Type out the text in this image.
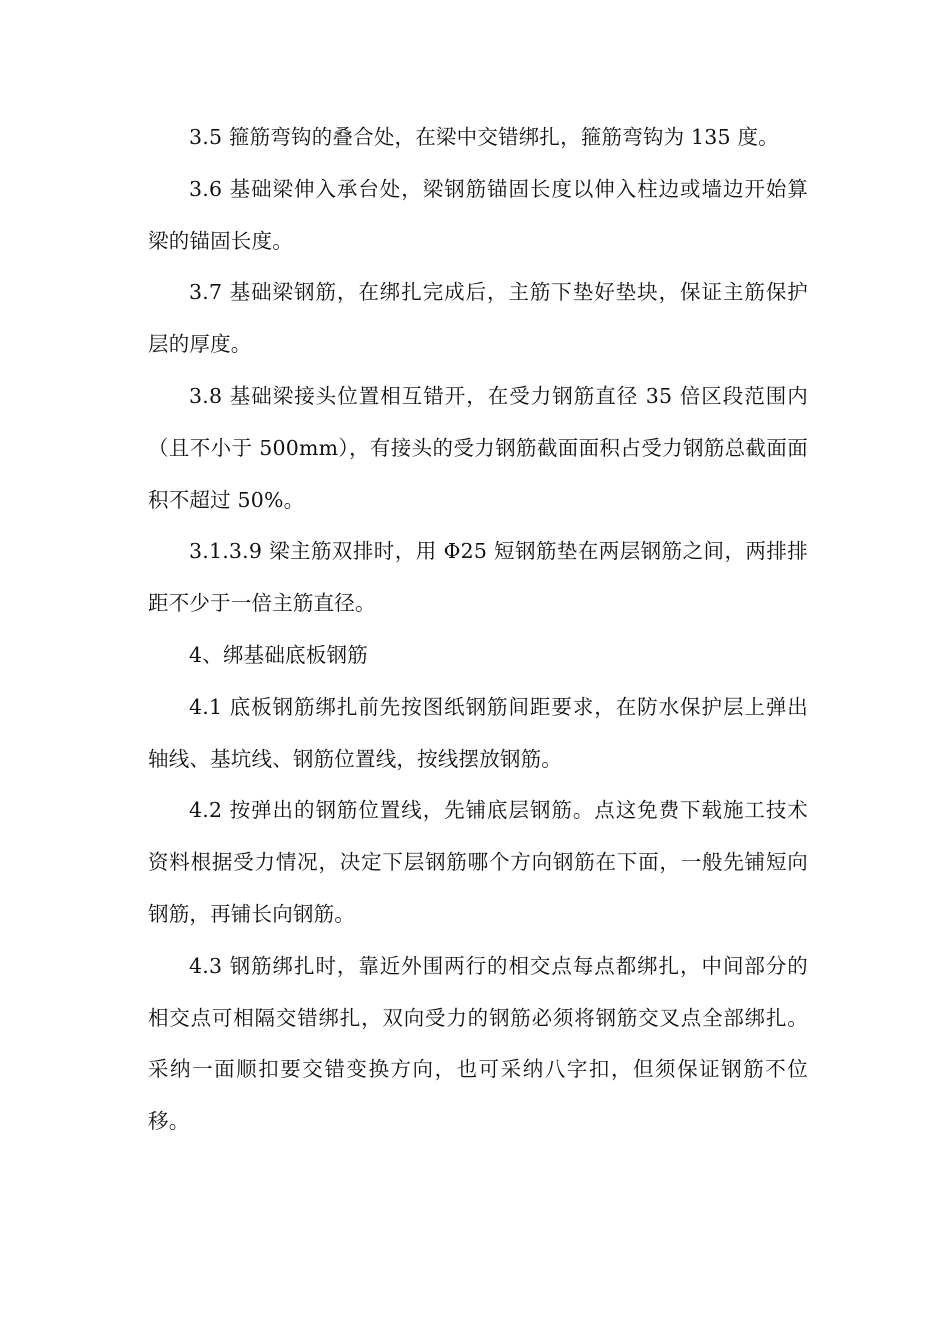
3.5 箍筋弯钩的叠合处，在梁中交错绑扎，箍筋弯钩为 135 度。

3.6 基础梁伸入承台处，梁钢筋锚固长度以伸入柱边或墙边开始算梁的锚固长度。

3.7 基础梁钢筋，在绑扎完成后，主筋下垫好垫块，保证主筋保护层的厚度。

3.8 基础梁接头位置相互错开，在受力钢筋直径 35 倍区段范围内（且不小于 500mm），有接头的受力钢筋截面面积占受力钢筋总截面面积不超过 50%。

3.1.3.9 梁主筋双排时，用 Φ25 短钢筋垫在两层钢筋之间，两排排距不少于一倍主筋直径。

4、绑基础底板钢筋

4.1 底板钢筋绑扎前先按图纸钢筋间距要求，在防水保护层上弹出轴线、基坑线、钢筋位置线，按线摆放钢筋。

4.2 按弹出的钢筋位置线，先铺底层钢筋。点这免费下载施工技术资料根据受力情况，决定下层钢筋哪个方向钢筋在下面，一般先铺短向钢筋，再铺长向钢筋。

4.3 钢筋绑扎时，靠近外围两行的相交点每点都绑扎，中间部分的相交点可相隔交错绑扎，双向受力的钢筋必须将钢筋交叉点全部绑扎。采纳一面顺扣要交错变换方向，也可采纳八字扣，但须保证钢筋不位移。
